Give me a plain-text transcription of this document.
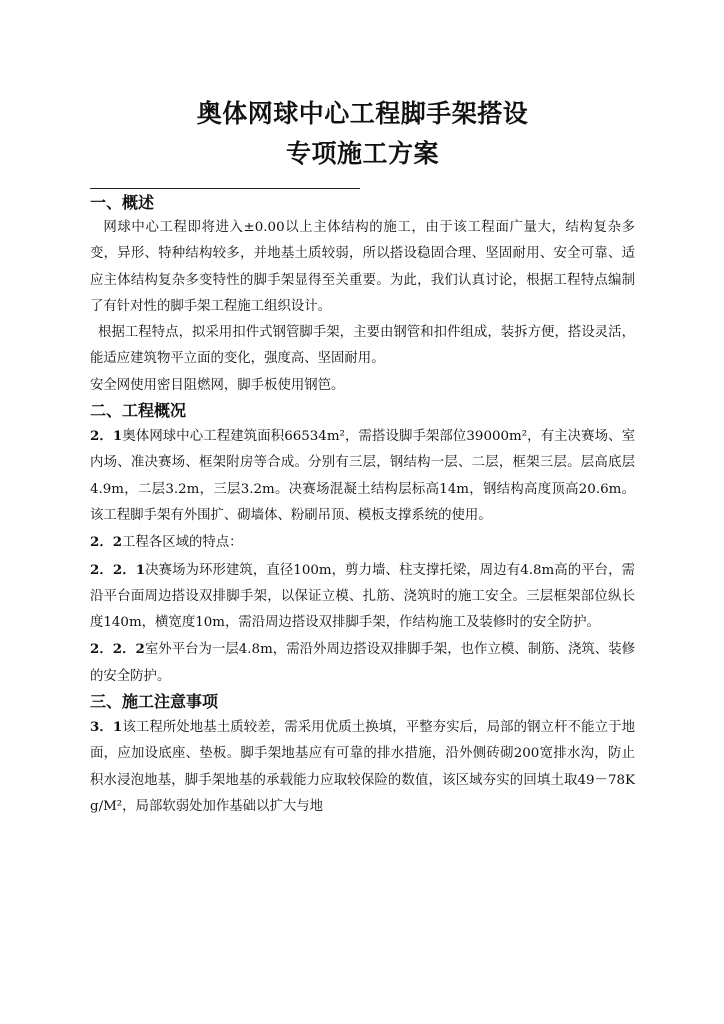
奥体网球中心工程脚手架搭设
专项施工方案
一、概述
网球中心工程即将进入±0.00以上主体结构的施工，由于该工程面广量大，结构复杂多变，异形、特种结构较多，并地基土质较弱，所以搭设稳固合理、坚固耐用、安全可靠、适应主体结构复杂多变特性的脚手架显得至关重要。为此，我们认真讨论，根据工程特点编制了有针对性的脚手架工程施工组织设计。
根据工程特点，拟采用扣件式钢管脚手架，主要由钢管和扣件组成，装拆方便，搭设灵活，能适应建筑物平立面的变化，强度高、坚固耐用。
安全网使用密目阻燃网，脚手板使用钢笆。
二、工程概况
2．1奥体网球中心工程建筑面积66534m²，需搭设脚手架部位39000m²，有主决赛场、室内场、准决赛场、框架附房等合成。分别有三层，钢结构一层、二层，框架三层。层高底层4.9m，二层3.2m，三层3.2m。决赛场混凝土结构层标高14m，钢结构高度顶高20.6m。该工程脚手架有外围扩、砌墙体、粉刷吊顶、模板支撑系统的使用。
2．2工程各区域的特点：
2．2．1决赛场为环形建筑，直径100m，剪力墙、柱支撑托梁，周边有4.8m高的平台，需沿平台面周边搭设双排脚手架，以保证立模、扎筋、浇筑时的施工安全。三层框架部位纵长度140m，横宽度10m，需沿周边搭设双排脚手架，作结构施工及装修时的安全防护。
2．2．2室外平台为一层4.8m，需沿外周边搭设双排脚手架，也作立模、制筋、浇筑、装修的安全防护。
三、施工注意事项
3．1该工程所处地基土质较差，需采用优质土换填，平整夯实后，局部的钢立杆不能立于地面，应加设底座、垫板。脚手架地基应有可靠的排水措施，沿外侧砖砌200宽排水沟，防止积水浸泡地基，脚手架地基的承载能力应取较保险的数值，该区域夯实的回填土取49－78Kg/M²，局部软弱处加作基础以扩大与地
